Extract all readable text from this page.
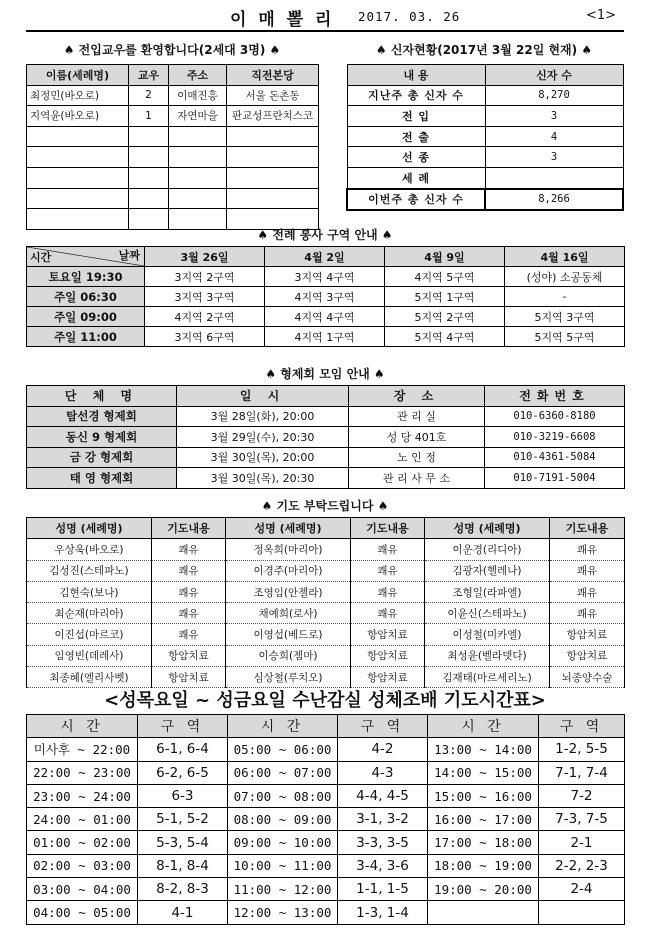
이 매 뽈 리 2017. 03. 26	<1>
♠ 전입교우를 환영합니다(2세대 3명) ♠
이름(세례명)	교우	주소	직전본당
최정민(바오로)	2	이매진흥	서울 돈촌동
지역윤(바오로)	1	자연마을	판교성프란치스코

♠ 신자현황(2017년 3월 22일 현재) ♠
내 용	신자 수
지난주 총 신자 수	8,270
전 입	3
전 출	4
선 종	3
세 례	
이번주 총 신자 수	8,266
♠ 전례 봉사 구역 안내 ♠
시간 날짜	3월 26일	4월 2일	4월 9일	4월 16일
토요일 19:30	3지역 2구역	3지역 4구역	4지역 5구역	(성야) 소공동체
주일 06:30	3지역 3구역	4지역 3구역	5지역 1구역	-
주일 09:00	4지역 2구역	4지역 4구역	5지역 2구역	5지역 3구역
주일 11:00	3지역 6구역	4지역 1구역	5지역 4구역	5지역 5구역
♠ 형제회 모임 안내 ♠
단 체 명	일 시	장 소	전화번호
탐선경 형제회	3월 28일(화), 20:00	관 리 실	010-6360-8180
동신 9 형제회	3월 29일(수), 20:30	성 당 401호	010-3219-6608
금 강 형제회	3월 30일(목), 20:00	노 인 정	010-4361-5084
태 영 형제회	3월 30일(목), 20:30	관 리 사 무 소	010-7191-5004
♠ 기도 부탁드립니다 ♠
성명 (세례명)	기도내용	성명 (세례명)	기도내용	성명 (세례명)	기도내용
우상욱(바오로)	쾌유	정옥희(마리아)	쾌유	이운경(리디아)	쾌유
김성진(스테파노)	쾌유	이경주(마리아)	쾌유	김광자(헬레나)	쾌유
김현숙(보나)	쾌유	조영임(안젤라)	쾌유	조형일(라파엘)	쾌유
최순재(마리아)	쾌유	채예희(로사)	쾌유	이윤신(스테파노)	쾌유
이진섭(마르코)	쾌유	이영섭(베드로)	항암치료	이성철(미카엘)	항암치료
임영빈(데레사)	항암치료	이승희(젬마)	항암치료	최성윤(벨라뎃다)	항암치료
최종혜(엘리사벳)	항암치료	심상철(루치오)	항암치료	김재태(마르세리노)	뇌종양수술
<성목요일 ~ 성금요일 수난감실 성체조배 기도시간표>
시 간	구 역	시 간	구 역	시 간	구 역
미사후 ~ 22:00	6-1, 6-4	05:00 ~ 06:00	4-2	13:00 ~ 14:00	1-2, 5-5
22:00 ~ 23:00	6-2, 6-5	06:00 ~ 07:00	4-3	14:00 ~ 15:00	7-1, 7-4
23:00 ~ 24:00	6-3	07:00 ~ 08:00	4-4, 4-5	15:00 ~ 16:00	7-2
24:00 ~ 01:00	5-1, 5-2	08:00 ~ 09:00	3-1, 3-2	16:00 ~ 17:00	7-3, 7-5
01:00 ~ 02:00	5-3, 5-4	09:00 ~ 10:00	3-3, 3-5	17:00 ~ 18:00	2-1
02:00 ~ 03:00	8-1, 8-4	10:00 ~ 11:00	3-4, 3-6	18:00 ~ 19:00	2-2, 2-3
03:00 ~ 04:00	8-2, 8-3	11:00 ~ 12:00	1-1, 1-5	19:00 ~ 20:00	2-4
04:00 ~ 05:00	4-1	12:00 ~ 13:00	1-3, 1-4		
